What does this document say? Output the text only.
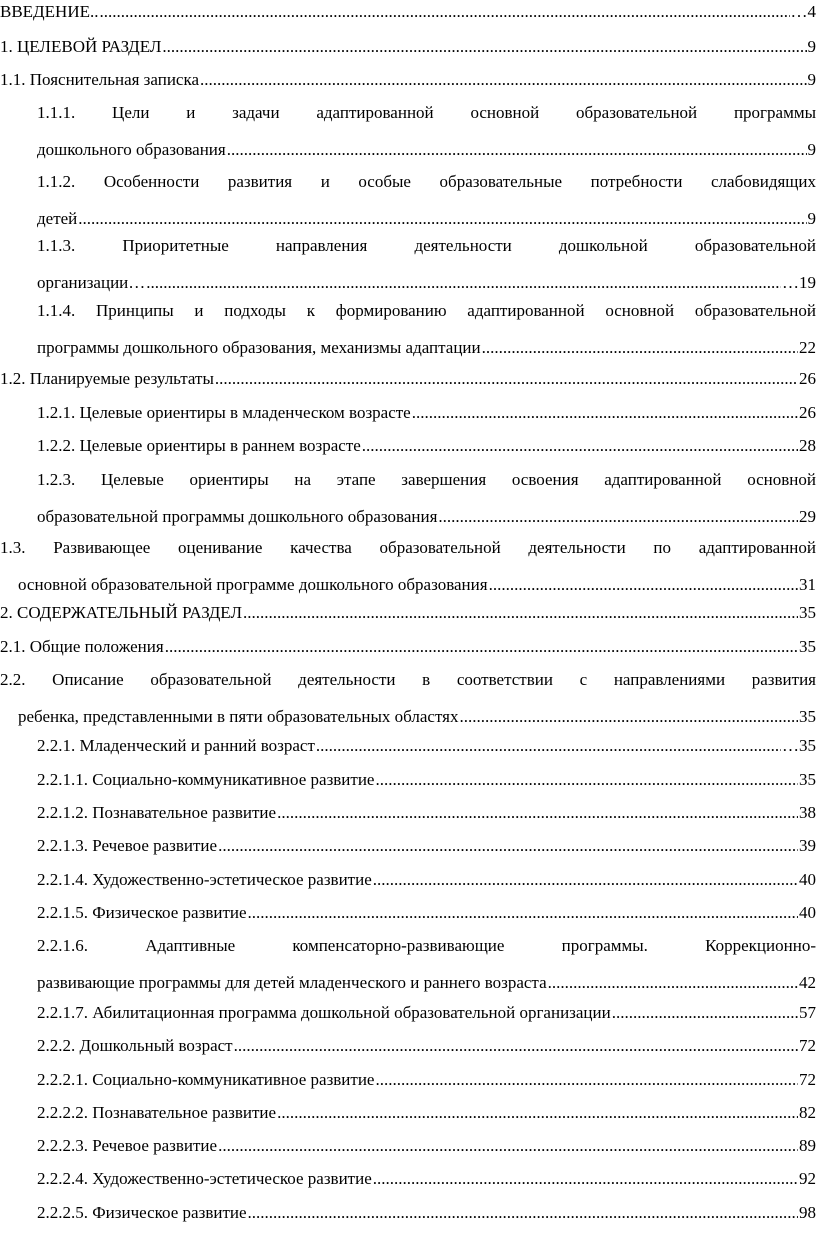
ВВЕДЕНИЕ.. .....	…4
1. ЦЕЛЕВОЙ РАЗДЕЛ .....	9
1.1. Пояснительная записка .....	9
1.1.1. Цели и задачи адаптированной основной образовательной программы
дошкольного образования .....	9
1.1.2. Особенности развития и особые образовательные потребности слабовидящих
детей .....	9
1.1.3. Приоритетные направления деятельности дошкольной образовательной
организации… .....	…19
1.1.4. Принципы и подходы к формированию адаптированной основной образовательной
программы дошкольного образования, механизмы адаптации .....	22
1.2. Планируемые результаты .....	26
1.2.1. Целевые ориентиры в младенческом возрасте .....	26
1.2.2. Целевые ориентиры в раннем возрасте .....	28
1.2.3. Целевые ориентиры на этапе завершения освоения адаптированной основной
образовательной программы дошкольного образования .....	29
1.3. Развивающее оценивание качества образовательной деятельности по адаптированной
основной образовательной программе дошкольного образования .....	31
2. СОДЕРЖАТЕЛЬНЫЙ РАЗДЕЛ .....	35
2.1. Общие положения .....	35
2.2. Описание образовательной деятельности в соответствии с направлениями развития
ребенка, представленными в пяти образовательных областях .....	35
2.2.1. Младенческий и ранний возраст .....	…35
2.2.1.1. Социально-коммуникативное развитие .....	35
2.2.1.2. Познавательное развитие .....	38
2.2.1.3. Речевое развитие .....	39
2.2.1.4. Художественно-эстетическое развитие .....	40
2.2.1.5. Физическое развитие .....	40
2.2.1.6. Адаптивные компенсаторно-развивающие программы. Коррекционно-
развивающие программы для детей младенческого и раннего возраста .....	42
2.2.1.7. Абилитационная программа дошкольной образовательной организации .....	57
2.2.2. Дошкольный возраст .....	72
2.2.2.1. Социально-коммуникативное развитие .....	72
2.2.2.2. Познавательное развитие .....	82
2.2.2.3. Речевое развитие .....	89
2.2.2.4. Художественно-эстетическое развитие .....	92
2.2.2.5. Физическое развитие .....	98
